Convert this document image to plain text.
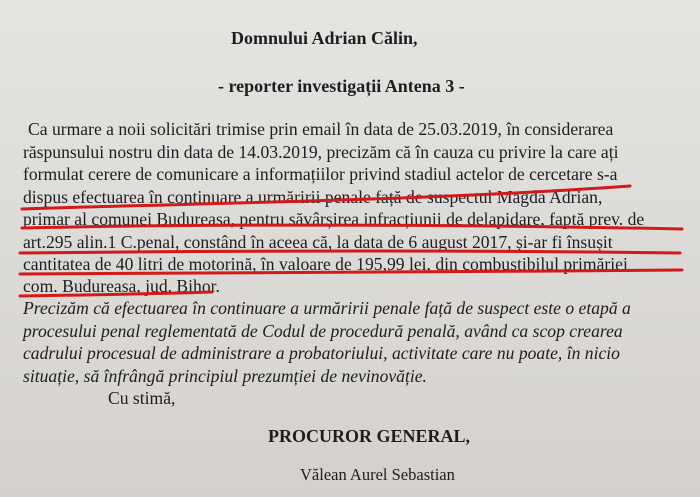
Domnului Adrian Călin,
- reporter investigații Antena 3 -
Ca urmare a noii solicitări trimise prin email în data de 25.03.2019, în considerarea
răspunsului nostru din data de 14.03.2019, precizăm că în cauza cu privire la care ați
formulat cerere de comunicare a informațiilor privind stadiul actelor de cercetare s-a
dispus efectuarea în continuare a urmăririi penale față de suspectul Magda Adrian,
primar al comunei Budureasa, pentru săvârșirea infracțiunii de delapidare, faptă prev. de
art.295 alin.1 C.penal, constând în aceea că, la data de 6 august 2017, și-ar fi însușit
cantitatea de 40 litri de motorină, în valoare de 195,99 lei, din combustibilul primăriei
com. Budureasa, jud. Bihor.
Precizăm că efectuarea în continuare a urmăririi penale față de suspect este o etapă a
procesului penal reglementată de Codul de procedură penală, având ca scop crearea
cadrului procesual de administrare a probatoriului, activitate care nu poate, în nicio
situație, să înfrângă principiul prezumției de nevinovăție.
Cu stimă,
PROCUROR GENERAL,
Vălean Aurel Sebastian
